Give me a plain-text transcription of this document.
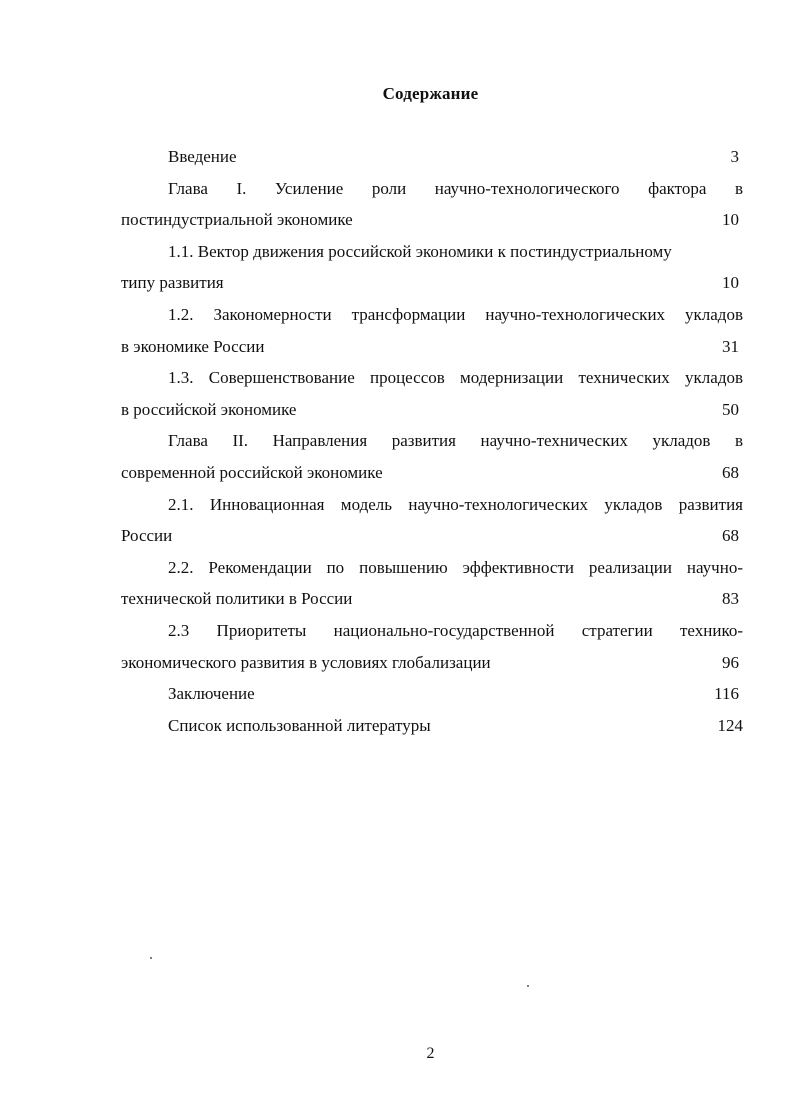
Содержание
Введение	3
Глава I. Усиление роли научно-технологического фактора в
постиндустриальной экономике	10
1.1. Вектор движения российской экономики к постиндустриальному
типу развития	10
1.2. Закономерности трансформации научно-технологических укладов
в экономике России	31
1.3. Совершенствование процессов модернизации технических укладов
в российской экономике	50
Глава II. Направления развития научно-технических укладов в
современной российской экономике	68
2.1. Инновационная модель научно-технологических укладов развития
России	68
2.2. Рекомендации по повышению эффективности реализации научно-
технической политики в России	83
2.3 Приоритеты национально-государственной стратегии технико-
экономического развития в условиях глобализации	96
Заключение	116
Список использованной литературы	124
2
